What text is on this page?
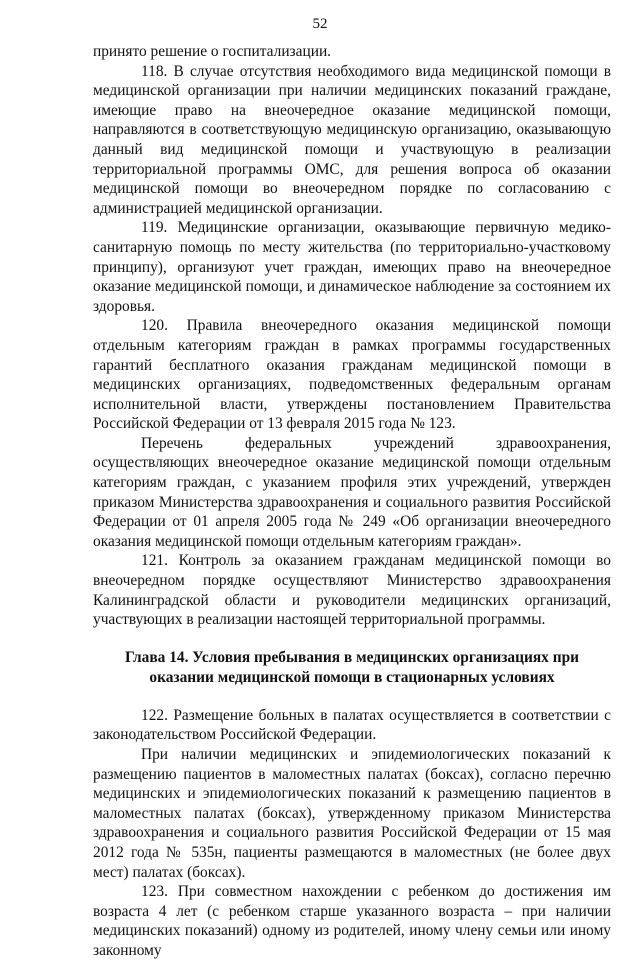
52

принято решение о госпитализации.

118. В случае отсутствия необходимого вида медицинской помощи в медицинской организации при наличии медицинских показаний граждане, имеющие право на внеочередное оказание медицинской помощи, направляются в соответствующую медицинскую организацию, оказывающую данный вид медицинской помощи и участвующую в реализации территориальной программы ОМС, для решения вопроса об оказании медицинской помощи во внеочередном порядке по согласованию с администрацией медицинской организации.

119. Медицинские организации, оказывающие первичную медико-санитарную помощь по месту жительства (по территориально-участковому принципу), организуют учет граждан, имеющих право на внеочередное оказание медицинской помощи, и динамическое наблюдение за состоянием их здоровья.

120. Правила внеочередного оказания медицинской помощи отдельным категориям граждан в рамках программы государственных гарантий бесплатного оказания гражданам медицинской помощи в медицинских организациях, подведомственных федеральным органам исполнительной власти, утверждены постановлением Правительства Российской Федерации от 13 февраля 2015 года № 123.

Перечень федеральных учреждений здравоохранения, осуществляющих внеочередное оказание медицинской помощи отдельным категориям граждан, с указанием профиля этих учреждений, утвержден приказом Министерства здравоохранения и социального развития Российской Федерации от 01 апреля 2005 года № 249 «Об организации внеочередного оказания медицинской помощи отдельным категориям граждан».

121. Контроль за оказанием гражданам медицинской помощи во внеочередном порядке осуществляют Министерство здравоохранения Калининградской области и руководители медицинских организаций, участвующих в реализации настоящей территориальной программы.

Глава 14. Условия пребывания в медицинских организациях при
оказании медицинской помощи в стационарных условиях

122. Размещение больных в палатах осуществляется в соответствии с законодательством Российской Федерации.

При наличии медицинских и эпидемиологических показаний к размещению пациентов в маломестных палатах (боксах), согласно перечню медицинских и эпидемиологических показаний к размещению пациентов в маломестных палатах (боксах), утвержденному приказом Министерства здравоохранения и социального развития Российской Федерации от 15 мая 2012 года № 535н, пациенты размещаются в маломестных (не более двух мест) палатах (боксах).

123. При совместном нахождении с ребенком до достижения им возраста 4 лет (с ребенком старше указанного возраста – при наличии медицинских показаний) одному из родителей, иному члену семьи или иному законному
